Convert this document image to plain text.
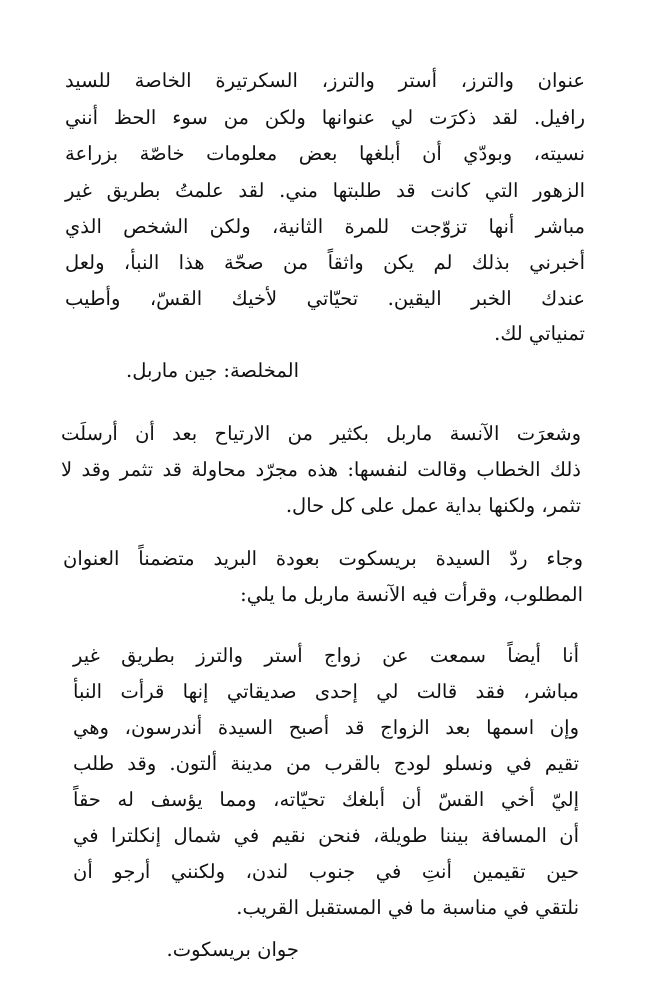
عنوان والترز، أستر والترز، السكرتيرة الخاصة للسيد
رافيل. لقد ذكرَت لي عنوانها ولكن من سوء الحظ أنني
نسيته، وبودّي أن أبلغها بعض معلومات خاصّة بزراعة
الزهور التي كانت قد طلبتها مني. لقد علمتُ بطريق غير
مباشر أنها تزوّجت للمرة الثانية، ولكن الشخص الذي
أخبرني بذلك لم يكن واثقاً من صحّة هذا النبأ، ولعل
عندك الخبر اليقين. تحيّاتي لأخيك القسّ، وأطيب
تمنياتي لك.
المخلصة: جين ماربل.
وشعرَت الآنسة ماربل بكثير من الارتياح بعد أن أرسلَت
ذلك الخطاب وقالت لنفسها: هذه مجرّد محاولة قد تثمر وقد لا
تثمر، ولكنها بداية عمل على كل حال.
وجاء ردّ السيدة بريسكوت بعودة البريد متضمناً العنوان
المطلوب، وقرأت فيه الآنسة ماربل ما يلي:
أنا أيضاً سمعت عن زواج أستر والترز بطريق غير
مباشر، فقد قالت لي إحدى صديقاتي إنها قرأت النبأ
وإن اسمها بعد الزواج قد أصبح السيدة أندرسون، وهي
تقيم في ونسلو لودج بالقرب من مدينة ألتون. وقد طلب
إليّ أخي القسّ أن أبلغك تحيّاته، ومما يؤسف له حقاً
أن المسافة بيننا طويلة، فنحن نقيم في شمال إنكلترا في
حين تقيمين أنتِ في جنوب لندن، ولكنني أرجو أن
نلتقي في مناسبة ما في المستقبل القريب.
جوان بريسكوت.
